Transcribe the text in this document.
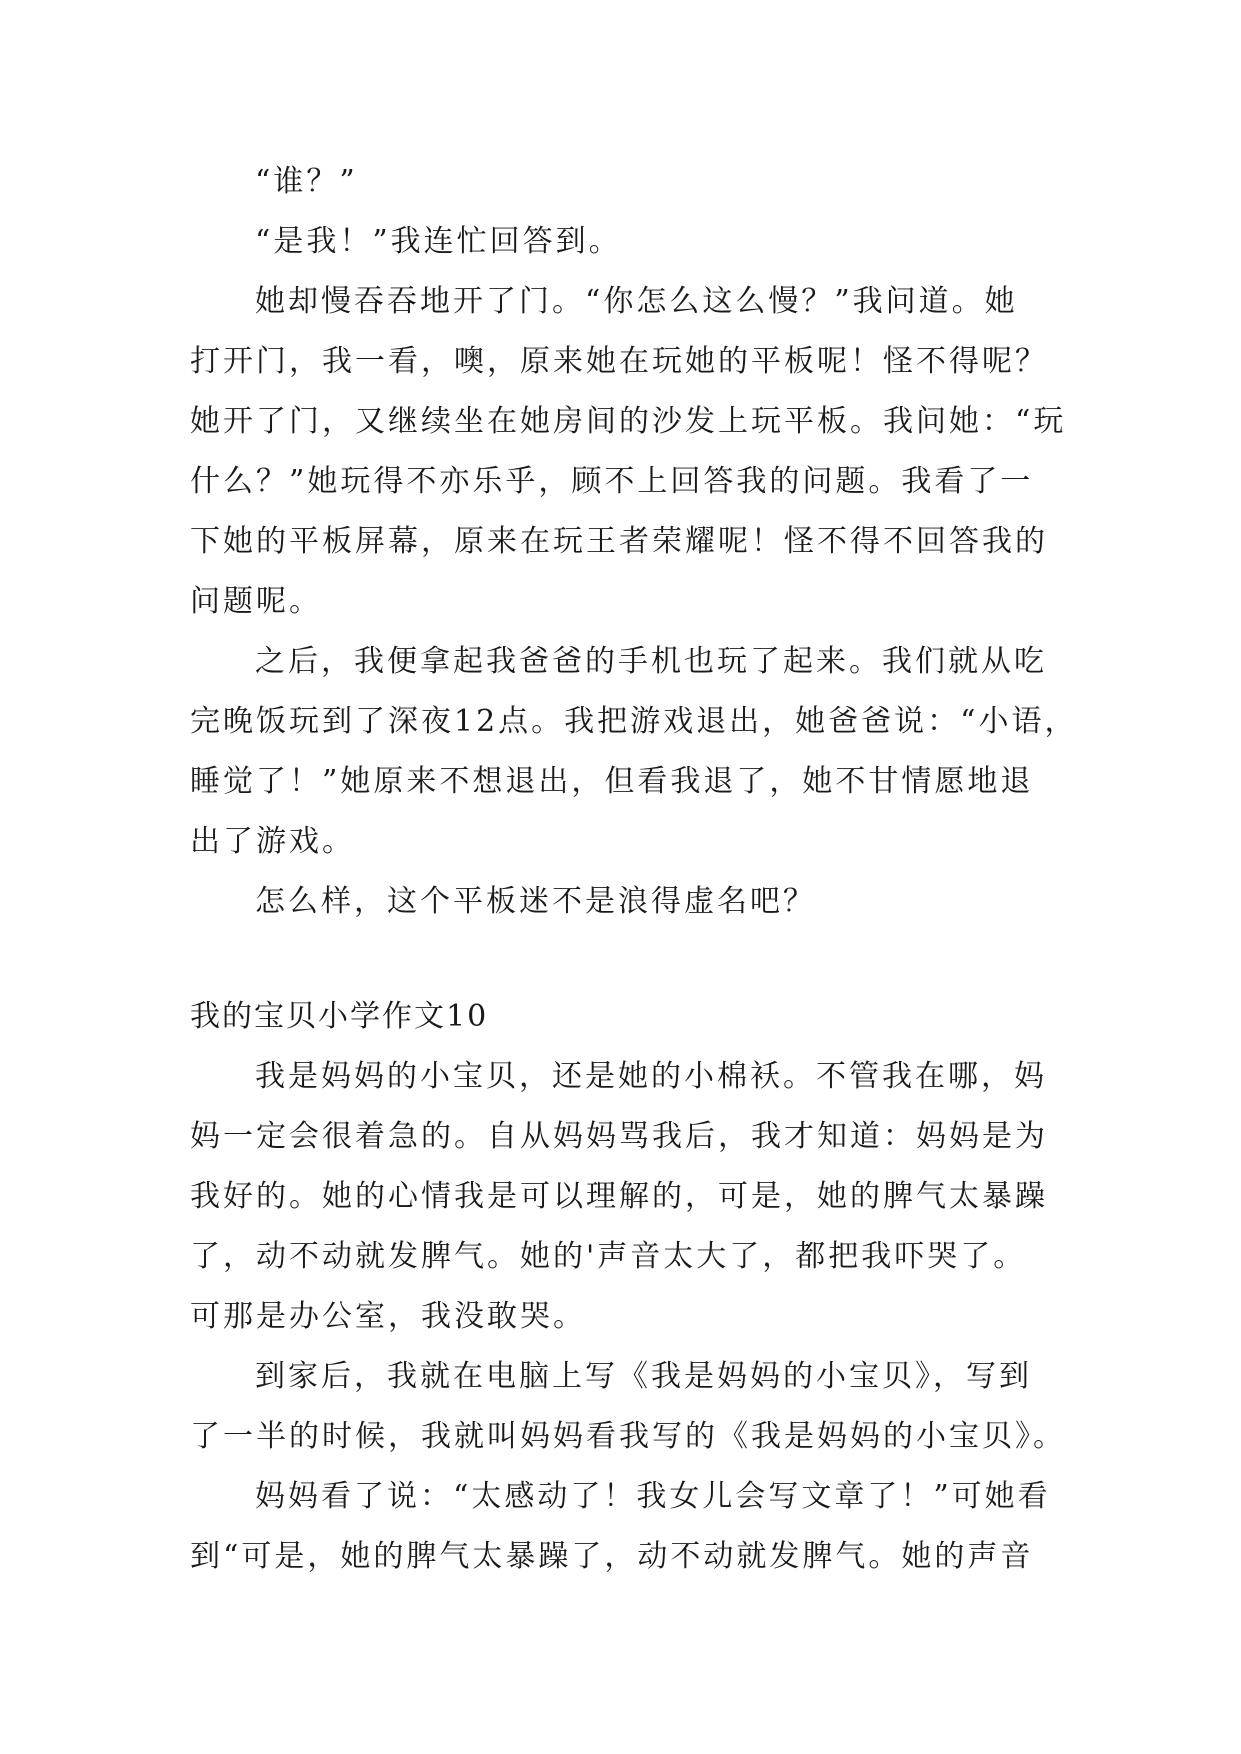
“谁？”
“是我！”我连忙回答到。
她却慢吞吞地开了门。“你怎么这么慢？”我问道。她
打开门，我一看，噢，原来她在玩她的平板呢！怪不得呢？
她开了门，又继续坐在她房间的沙发上玩平板。我问她：“玩
什么？”她玩得不亦乐乎，顾不上回答我的问题。我看了一
下她的平板屏幕，原来在玩王者荣耀呢！怪不得不回答我的
问题呢。
之后，我便拿起我爸爸的手机也玩了起来。我们就从吃
完晚饭玩到了深夜12点。我把游戏退出，她爸爸说：“小语，
睡觉了！”她原来不想退出，但看我退了，她不甘情愿地退
出了游戏。
怎么样，这个平板迷不是浪得虚名吧？
我的宝贝小学作文10
我是妈妈的小宝贝，还是她的小棉袄。不管我在哪，妈
妈一定会很着急的。自从妈妈骂我后，我才知道：妈妈是为
我好的。她的心情我是可以理解的，可是，她的脾气太暴躁
了，动不动就发脾气。她的'声音太大了，都把我吓哭了。
可那是办公室，我没敢哭。
到家后，我就在电脑上写《我是妈妈的小宝贝》，写到
了一半的时候，我就叫妈妈看我写的《我是妈妈的小宝贝》。
妈妈看了说：“太感动了！我女儿会写文章了！”可她看
到“可是，她的脾气太暴躁了，动不动就发脾气。她的声音
